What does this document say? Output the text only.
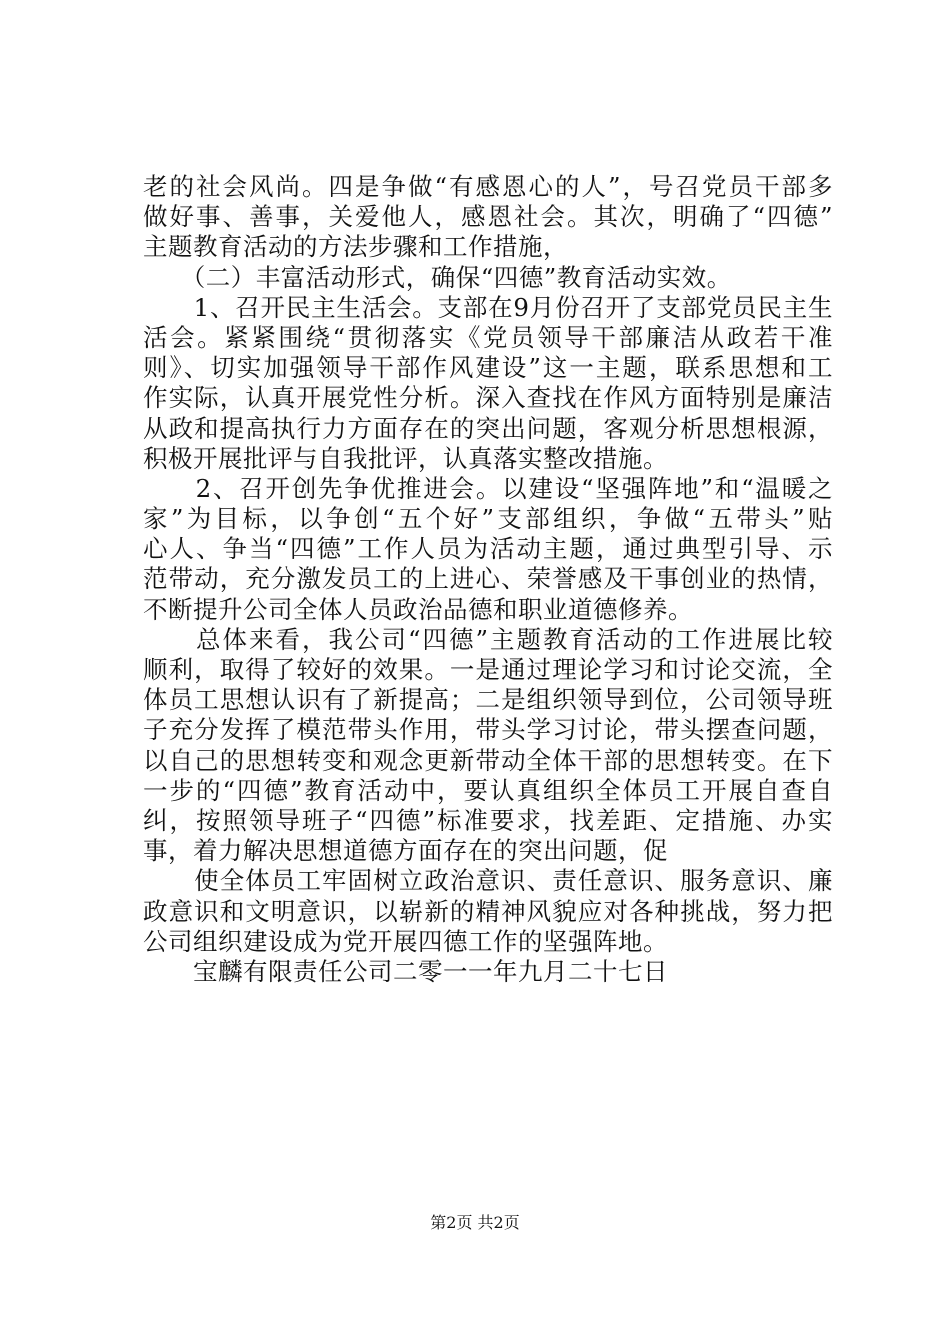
老的社会风尚。四是争做“有感恩心的人”，号召党员干部多
做好事、善事，关爱他人，感恩社会。其次，明确了“四德”
主题教育活动的方法步骤和工作措施，
　　（二）丰富活动形式，确保“四德”教育活动实效。
　　1、召开民主生活会。支部在9月份召开了支部党员民主生
活会。紧紧围绕“贯彻落实《党员领导干部廉洁从政若干准
则》、切实加强领导干部作风建设”这一主题，联系思想和工
作实际，认真开展党性分析。深入查找在作风方面特别是廉洁
从政和提高执行力方面存在的突出问题，客观分析思想根源，
积极开展批评与自我批评，认真落实整改措施。
　　2、召开创先争优推进会。以建设“坚强阵地”和“温暖之
家”为目标，以争创“五个好”支部组织，争做“五带头”贴
心人、争当“四德”工作人员为活动主题，通过典型引导、示
范带动，充分激发员工的上进心、荣誉感及干事创业的热情，
不断提升公司全体人员政治品德和职业道德修养。
　　总体来看，我公司“四德”主题教育活动的工作进展比较
顺利，取得了较好的效果。一是通过理论学习和讨论交流，全
体员工思想认识有了新提高；二是组织领导到位，公司领导班
子充分发挥了模范带头作用，带头学习讨论，带头摆查问题，
以自己的思想转变和观念更新带动全体干部的思想转变。在下
一步的“四德”教育活动中，要认真组织全体员工开展自查自
纠，按照领导班子“四德”标准要求，找差距、定措施、办实
事，着力解决思想道德方面存在的突出问题，促
　　使全体员工牢固树立政治意识、责任意识、服务意识、廉
政意识和文明意识，以崭新的精神风貌应对各种挑战，努力把
公司组织建设成为党开展四德工作的坚强阵地。
　　宝麟有限责任公司二零一一年九月二十七日
第2页 共2页
